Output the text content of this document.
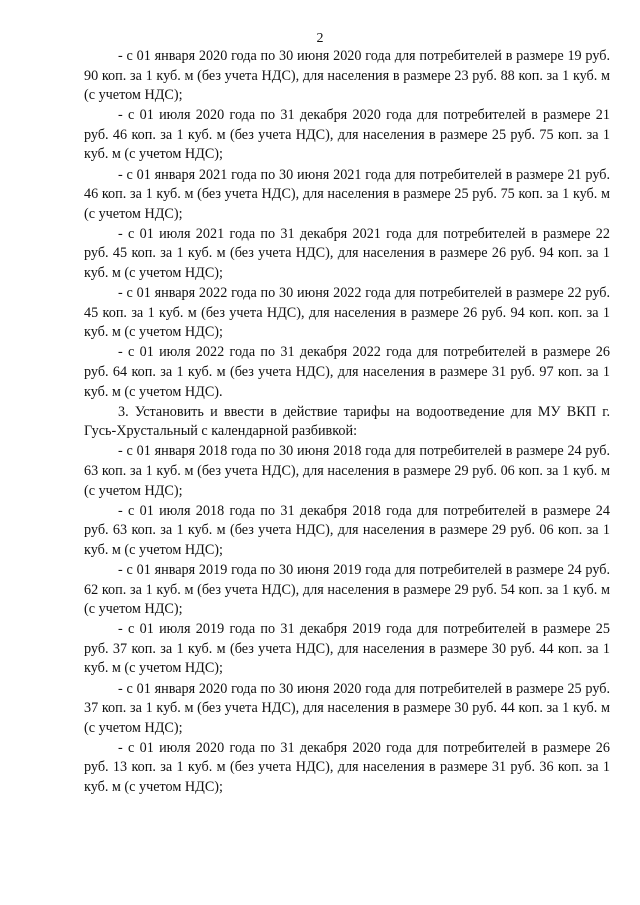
2

- с 01 января 2020 года по 30 июня 2020 года для потребителей в размере 19 руб. 90 коп. за 1 куб. м (без учета НДС), для населения в размере 23 руб. 88 коп. за 1 куб. м (с учетом НДС);

- с 01 июля 2020 года по 31 декабря 2020 года для потребителей в размере 21 руб. 46 коп. за 1 куб. м (без учета НДС), для населения в размере 25 руб. 75 коп. за 1 куб. м (с учетом НДС);

- с 01 января 2021 года по 30 июня 2021 года для потребителей в размере 21 руб. 46 коп. за 1 куб. м (без учета НДС), для населения в размере 25 руб. 75 коп. за 1 куб. м (с учетом НДС);

- с 01 июля 2021 года по 31 декабря 2021 года для потребителей в размере 22 руб. 45 коп. за 1 куб. м (без учета НДС), для населения в размере 26 руб. 94 коп. за 1 куб. м (с учетом НДС);

- с 01 января 2022 года по 30 июня 2022 года для потребителей в размере 22 руб. 45 коп. за 1 куб. м (без учета НДС), для населения в размере 26 руб. 94 коп. коп. за 1 куб. м (с учетом НДС);

- с 01 июля 2022 года по 31 декабря 2022 года для потребителей в размере 26 руб. 64 коп. за 1 куб. м (без учета НДС), для населения в размере 31 руб. 97 коп. за 1 куб. м (с учетом НДС).

3. Установить и ввести в действие тарифы на водоотведение для МУ ВКП г. Гусь-Хрустальный с календарной разбивкой:

- с 01 января 2018 года по 30 июня 2018 года для потребителей в размере 24 руб. 63 коп. за 1 куб. м (без учета НДС), для населения в размере 29 руб. 06 коп. за 1 куб. м (с учетом НДС);

- с 01 июля 2018 года по 31 декабря 2018 года для потребителей в размере 24 руб. 63 коп. за 1 куб. м (без учета НДС), для населения в размере 29 руб. 06 коп. за 1 куб. м (с учетом НДС);

- с 01 января 2019 года по 30 июня 2019 года для потребителей в размере 24 руб. 62 коп. за 1 куб. м (без учета НДС), для населения в размере 29 руб. 54 коп. за 1 куб. м (с учетом НДС);

- с 01 июля 2019 года по 31 декабря 2019 года для потребителей в размере 25 руб. 37 коп. за 1 куб. м (без учета НДС), для населения в размере 30 руб. 44 коп. за 1 куб. м (с учетом НДС);

- с 01 января 2020 года по 30 июня 2020 года для потребителей в размере 25 руб. 37 коп. за 1 куб. м (без учета НДС), для населения в размере 30 руб. 44 коп. за 1 куб. м (с учетом НДС);

- с 01 июля 2020 года по 31 декабря 2020 года для потребителей в размере 26 руб. 13 коп. за 1 куб. м (без учета НДС), для населения в размере 31 руб. 36 коп. за 1 куб. м (с учетом НДС);
